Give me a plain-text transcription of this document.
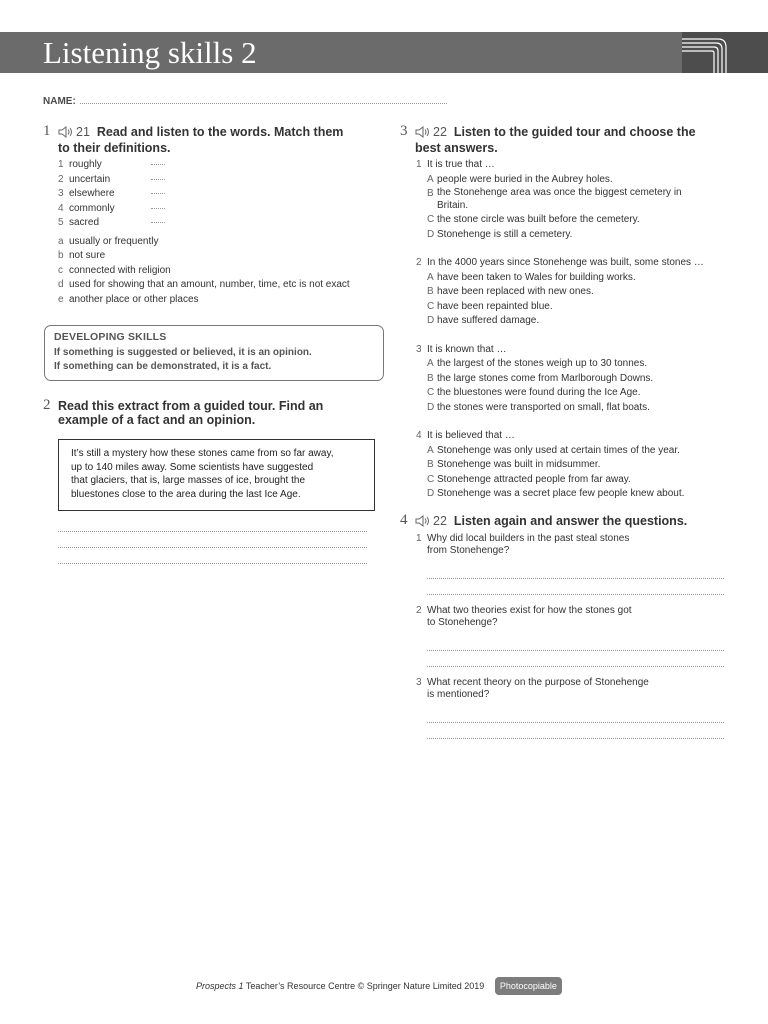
Listening skills 2
NAME:
1 21 Read and listen to the words. Match them
to their definitions.
1 roughly
2 uncertain
3 elsewhere
4 commonly
5 sacred
a usually or frequently
b not sure
c connected with religion
d used for showing that an amount, number, time, etc is not exact
e another place or other places
DEVELOPING SKILLS
If something is suggested or believed, it is an opinion.
If something can be demonstrated, it is a fact.
2 Read this extract from a guided tour. Find an
example of a fact and an opinion.
It’s still a mystery how these stones came from so far away,
up to 140 miles away. Some scientists have suggested
that glaciers, that is, large masses of ice, brought the
bluestones close to the area during the last Ice Age.
3 22 Listen to the guided tour and choose the
best answers.
1 It is true that …
A people were buried in the Aubrey holes.
B the Stonehenge area was once the biggest cemetery in Britain.
C the stone circle was built before the cemetery.
D Stonehenge is still a cemetery.
2 In the 4000 years since Stonehenge was built, some stones …
A have been taken to Wales for building works.
B have been replaced with new ones.
C have been repainted blue.
D have suffered damage.
3 It is known that …
A the largest of the stones weigh up to 30 tonnes.
B the large stones come from Marlborough Downs.
C the bluestones were found during the Ice Age.
D the stones were transported on small, flat boats.
4 It is believed that …
A Stonehenge was only used at certain times of the year.
B Stonehenge was built in midsummer.
C Stonehenge attracted people from far away.
D Stonehenge was a secret place few people knew about.
4 22 Listen again and answer the questions.
1 Why did local builders in the past steal stones
from Stonehenge?
2 What two theories exist for how the stones got
to Stonehenge?
3 What recent theory on the purpose of Stonehenge
is mentioned?
Prospects 1 Teacher’s Resource Centre © Springer Nature Limited 2019 Photocopiable
